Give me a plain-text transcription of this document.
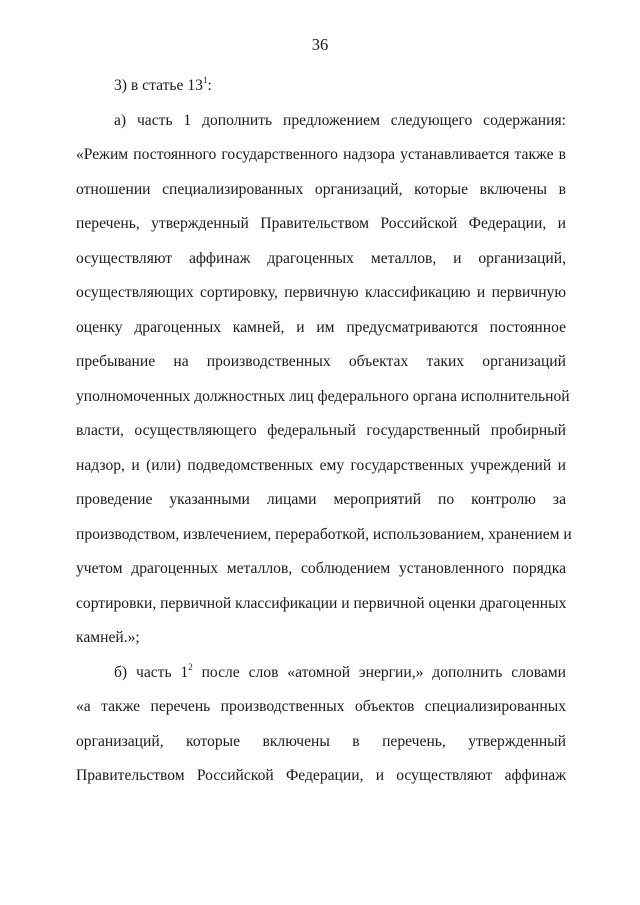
36
3) в статье $13^1$:
а) часть 1 дополнить предложением следующего содержания:
«Режим постоянного государственного надзора устанавливается также в
отношении специализированных организаций, которые включены в
перечень, утвержденный Правительством Российской Федерации, и
осуществляют аффинаж драгоценных металлов, и организаций,
осуществляющих сортировку, первичную классификацию и первичную
оценку драгоценных камней, и им предусматриваются постоянное
пребывание на производственных объектах таких организаций
уполномоченных должностных лиц федерального органа исполнительной
власти, осуществляющего федеральный государственный пробирный
надзор, и (или) подведомственных ему государственных учреждений и
проведение указанными лицами мероприятий по контролю за
производством, извлечением, переработкой, использованием, хранением и
учетом драгоценных металлов, соблюдением установленного порядка
сортировки, первичной классификации и первичной оценки драгоценных
камней.»;
б) часть $1^2$ после слов «атомной энергии,» дополнить словами
«а также перечень производственных объектов специализированных
организаций, которые включены в перечень, утвержденный
Правительством Российской Федерации, и осуществляют аффинаж
